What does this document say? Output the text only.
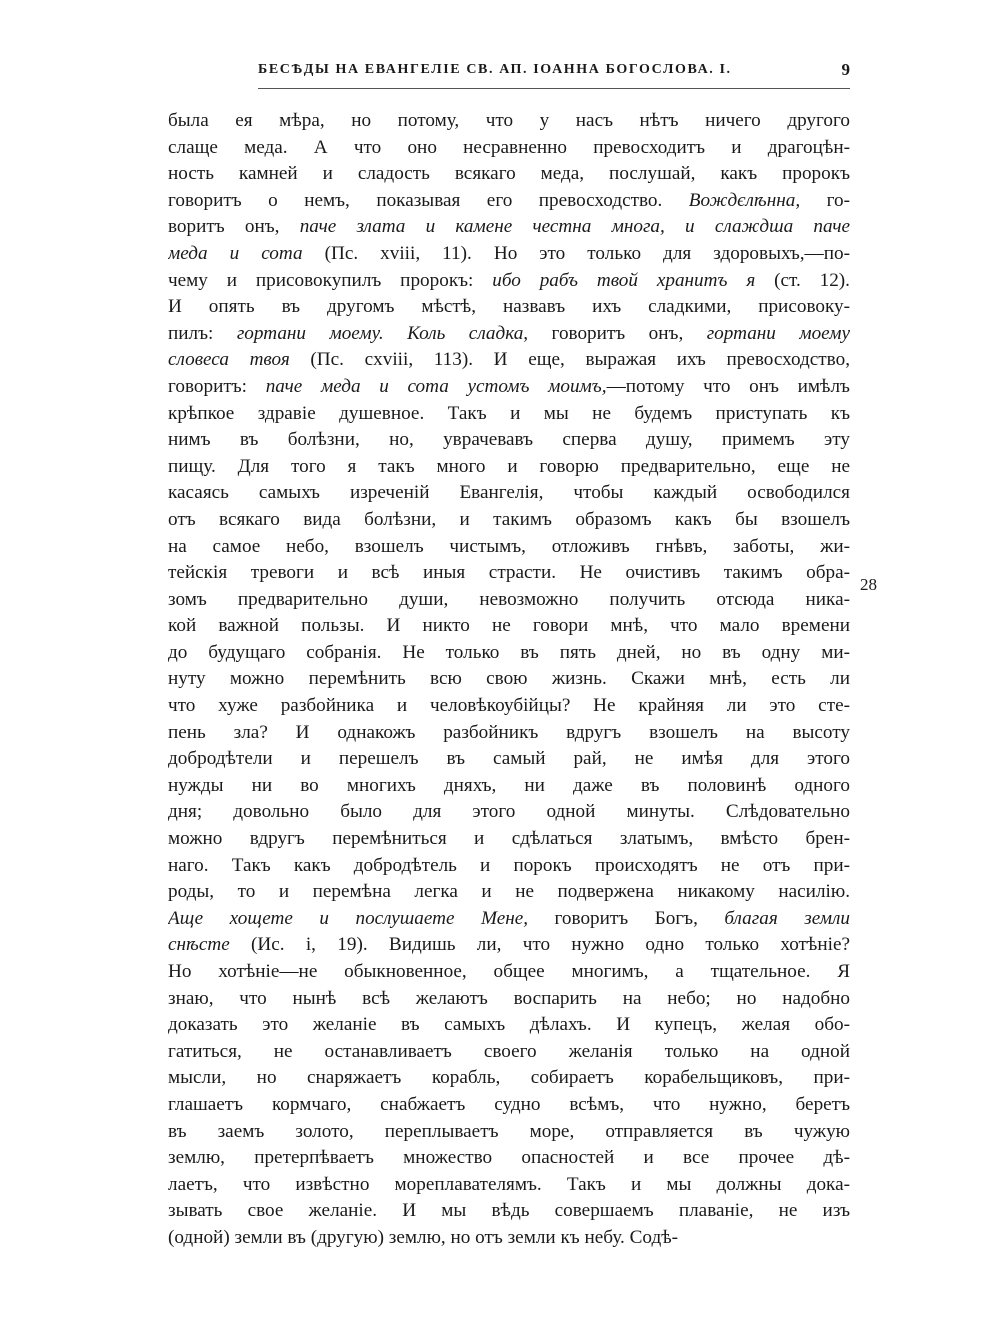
БЕСѢДЫ НА ЕВАНГЕЛІЕ СВ. АП. ІОАННА БОГОСЛОВА. I.	9
была ея мѣра, но потому, что у насъ нѣтъ ничего другого
слаще меда. А что оно несравненно превосходитъ и драгоцѣн-
ность камней и сладость всякаго меда, послушай, какъ пророкъ
говоритъ о немъ, показывая его превосходство. Вождєлѣнна, го-
воритъ онъ, паче злата и камене честна многа, и слаждша паче
меда и сота (Пс. xviii, 11). Но это только для здоровыхъ,—по-
чему и присовокупилъ пророкъ: ибо рабъ твой хранитъ я (ст. 12).
И опять въ другомъ мѣстѣ, назвавъ ихъ сладкими, присовоку-
пилъ: гортани моему. Коль сладка, говоритъ онъ, гортани моему
словеса твоя (Пс. cxviii, 113). И еще, выражая ихъ превосходство,
говоритъ: паче меда и сота устомъ моимъ,—потому что онъ имѣлъ
крѣпкое здравіе душевное. Такъ и мы не будемъ приступать къ
нимъ въ болѣзни, но, уврачевавъ сперва душу, примемъ эту
пищу. Для того я такъ много и говорю предварительно, еще не
касаясь самыхъ изреченій Евангелія, чтобы каждый освободился
отъ всякаго вида болѣзни, и такимъ образомъ какъ бы взошелъ
на самое небо, взошелъ чистымъ, отложивъ гнѣвъ, заботы, жи-
тейскія тревоги и всѣ иныя страсти. Не очистивъ такимъ обра-
зомъ предварительно души, невозможно получить отсюда ника-
кой важной пользы. И никто не говори мнѣ, что мало времени
до будущаго собранія. Не только въ пять дней, но въ одну ми-
нуту можно перемѣнить всю свою жизнь. Скажи мнѣ, есть ли
что хуже разбойника и человѣкоубійцы? Не крайняя ли это сте-
пень зла? И однакожъ разбойникъ вдругъ взошелъ на высоту
добродѣтели и перешелъ въ самый рай, не имѣя для этого
нужды ни во многихъ дняхъ, ни даже въ половинѣ одного
дня; довольно было для этого одной минуты. Слѣдовательно
можно вдругъ перемѣниться и сдѣлаться златымъ, вмѣсто брен-
наго. Такъ какъ добродѣтель и порокъ происходятъ не отъ при-
роды, то и перемѣна легка и не подвержена никакому насилію.
Аще хощете и послушаете Мене, говоритъ Богъ, благая земли
снѣсте (Ис. i, 19). Видишь ли, что нужно одно только хотѣніе?
Но хотѣніе—не обыкновенное, общее многимъ, а тщательное. Я
знаю, что нынѣ всѣ желаютъ воспарить на небо; но надобно
доказать это желаніе въ самыхъ дѣлахъ. И купецъ, желая обо-
гатиться, не останавливаетъ своего желанія только на одной
мысли, но снаряжаетъ корабль, собираетъ корабельщиковъ, при-
глашаетъ кормчаго, снабжаетъ судно всѣмъ, что нужно, беретъ
въ заемъ золото, переплываетъ море, отправляется въ чужую
землю, претерпѣваетъ множество опасностей и все прочее дѣ-
лаетъ, что извѣстно мореплавателямъ. Такъ и мы должны дока-
зывать свое желаніе. И мы вѣдь совершаемъ плаваніе, не изъ
(одной) земли въ (другую) землю, но отъ земли къ небу. Содѣ-
28
